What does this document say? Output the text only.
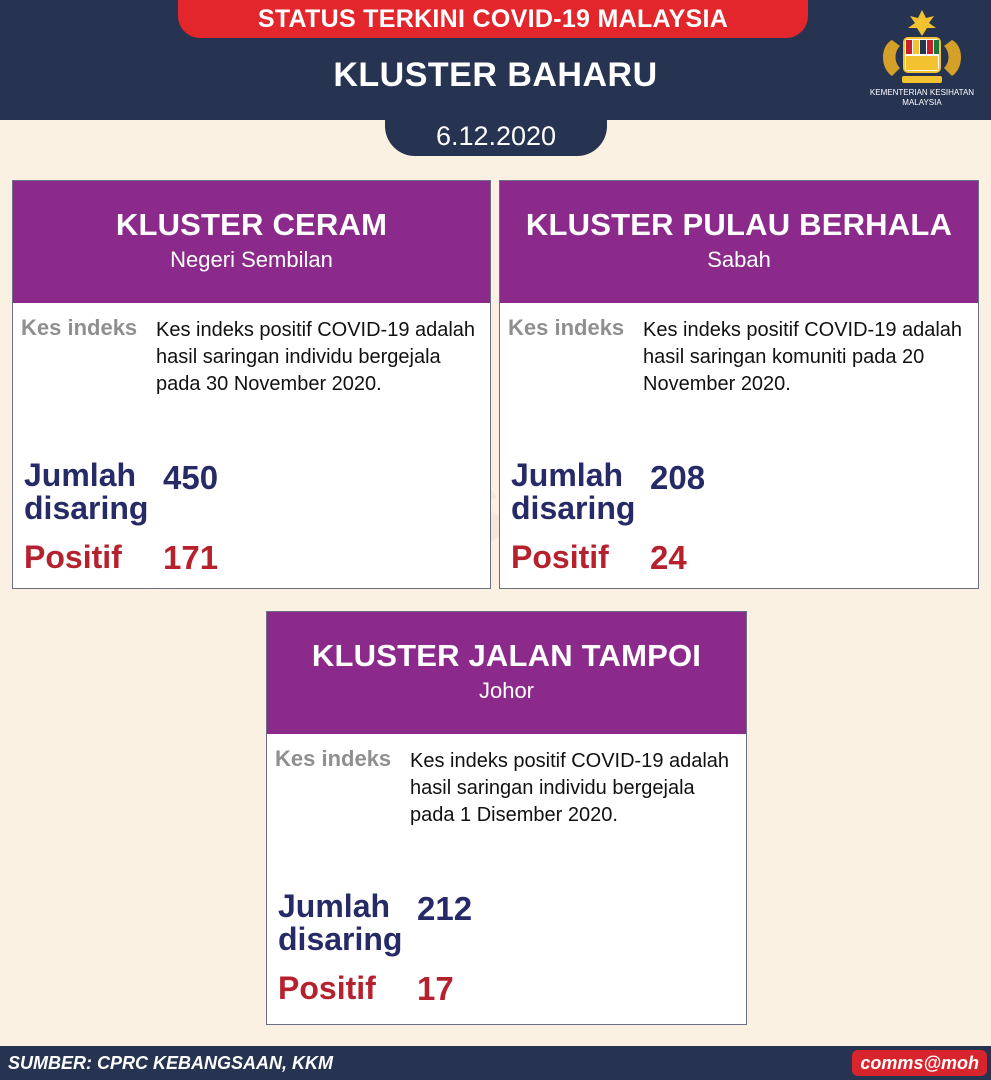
STATUS TERKINI COVID-19 MALAYSIA
KLUSTER BAHARU	KEMENTERIAN KESIHATAN
MALAYSIA
6.12.2020
KLUSTER CERAM
Negeri Sembilan
Kes indeks Kes indeks positif COVID-19 adalah hasil saringan individu bergejala pada 30 November 2020.
Jumlah
disaring
450
Positif 171
KLUSTER PULAU BERHALA
Sabah
Kes indeks Kes indeks positif COVID-19 adalah hasil saringan komuniti pada 20 November 2020.
Jumlah
disaring
208
Positif 24
KLUSTER JALAN TAMPOI
Johor
Kes indeks Kes indeks positif COVID-19 adalah hasil saringan individu bergejala pada 1 Disember 2020.
Jumlah
disaring
212
Positif 17
SUMBER: CPRC KEBANGSAAN, KKM	comms@moh
